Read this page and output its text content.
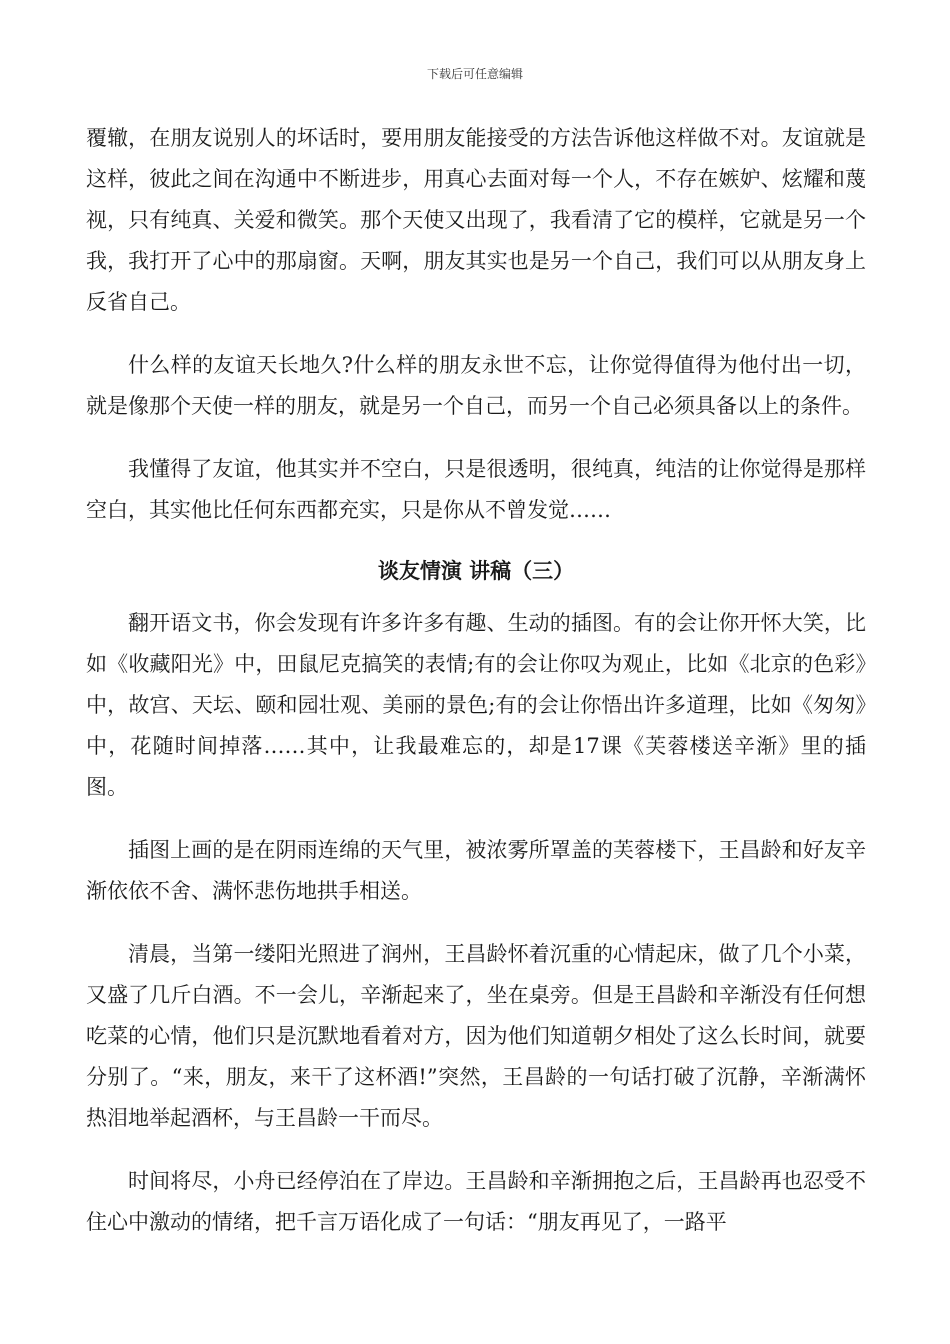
下载后可任意编辑

覆辙，在朋友说别人的坏话时，要用朋友能接受的方法告诉他这样做不对。友谊就是这样，彼此之间在沟通中不断进步，用真心去面对每一个人，不存在嫉妒、炫耀和蔑视，只有纯真、关爱和微笑。那个天使又出现了，我看清了它的模样，它就是另一个我，我打开了心中的那扇窗。天啊，朋友其实也是另一个自己，我们可以从朋友身上反省自己。

什么样的友谊天长地久?什么样的朋友永世不忘，让你觉得值得为他付出一切，就是像那个天使一样的朋友，就是另一个自己，而另一个自己必须具备以上的条件。

我懂得了友谊，他其实并不空白，只是很透明，很纯真，纯洁的让你觉得是那样空白，其实他比任何东西都充实，只是你从不曾发觉……

谈友情演 讲稿（三）

翻开语文书，你会发现有许多许多有趣、生动的插图。有的会让你开怀大笑，比如《收藏阳光》中，田鼠尼克搞笑的表情;有的会让你叹为观止，比如《北京的色彩》中，故宫、天坛、颐和园壮观、美丽的景色;有的会让你悟出许多道理，比如《匆匆》中，花随时间掉落……其中，让我最难忘的，却是17课《芙蓉楼送辛渐》里的插图。

插图上画的是在阴雨连绵的天气里，被浓雾所罩盖的芙蓉楼下，王昌龄和好友辛渐依依不舍、满怀悲伤地拱手相送。

清晨，当第一缕阳光照进了润州，王昌龄怀着沉重的心情起床，做了几个小菜，又盛了几斤白酒。不一会儿，辛渐起来了，坐在桌旁。但是王昌龄和辛渐没有任何想吃菜的心情，他们只是沉默地看着对方，因为他们知道朝夕相处了这么长时间，就要分别了。“来，朋友，来干了这杯酒!”突然，王昌龄的一句话打破了沉静，辛渐满怀热泪地举起酒杯，与王昌龄一干而尽。

时间将尽，小舟已经停泊在了岸边。王昌龄和辛渐拥抱之后，王昌龄再也忍受不住心中激动的情绪，把千言万语化成了一句话：“朋友再见了，一路平
